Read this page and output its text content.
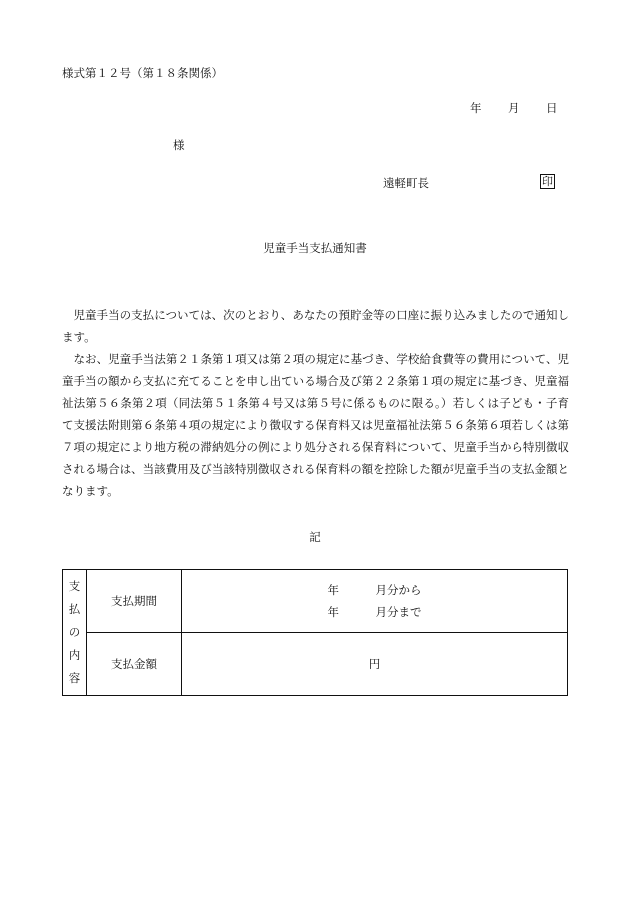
様式第１２号（第１８条関係）
年 月 日
様
遠軽町長	印
児童手当支払通知書

児童手当の支払については、次のとおり、あなたの預貯金等の口座に振り込みましたので通知します。

なお、児童手当法第２１条第１項又は第２項の規定に基づき、学校給食費等の費用について、児童手当の額から支払に充てることを申し出ている場合及び第２２条第１項の規定に基づき、児童福祉法第５６条第２項（同法第５１条第４号又は第５号に係るものに限る。）若しくは子ども・子育て支援法附則第６条第４項の規定により徴収する保育料又は児童福祉法第５６条第６項若しくは第７項の規定により地方税の滞納処分の例により処分される保育料について、児童手当から特別徴収される場合は、当該費用及び当該特別徴収される保育料の額を控除した額が児童手当の支払金額となります。

記
支払の内容	支払期間	年 月分から
年 月分まで

	支払金額	円
